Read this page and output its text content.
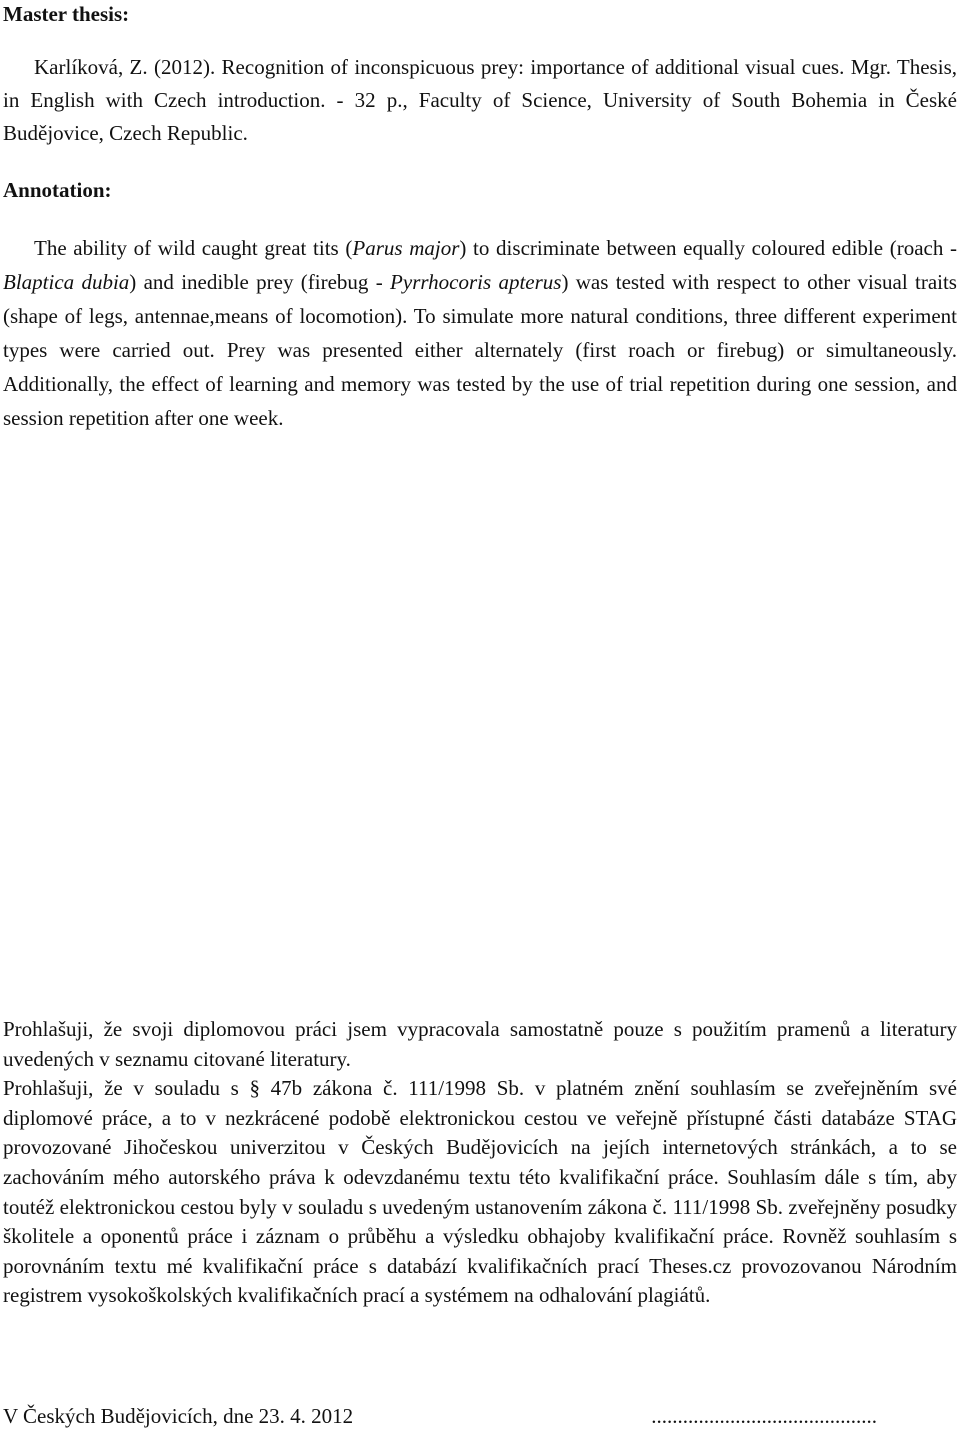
Master thesis:

Karlíková, Z. (2012). Recognition of inconspicuous prey: importance of additional visual cues. Mgr. Thesis, in English with Czech introduction. - 32 p., Faculty of Science, University of South Bohemia in České Budějovice, Czech Republic.

Annotation:

The ability of wild caught great tits (Parus major) to discriminate between equally coloured edible (roach - Blaptica dubia) and inedible prey (firebug - Pyrrhocoris apterus) was tested with respect to other visual traits (shape of legs, antennae,means of locomotion). To simulate more natural conditions, three different experiment types were carried out. Prey was presented either alternately (first roach or firebug) or simultaneously. Additionally, the effect of learning and memory was tested by the use of trial repetition during one session, and session repetition after one week.

Prohlašuji, že svoji diplomovou práci jsem vypracovala samostatně pouze s použitím pramenů a literatury uvedených v seznamu citované literatury.

Prohlašuji, že v souladu s § 47b zákona č. 111/1998 Sb. v platném znění souhlasím se zveřejněním své diplomové práce, a to v nezkrácené podobě elektronickou cestou ve veřejně přístupné části databáze STAG provozované Jihočeskou univerzitou v Českých Budějovicích na jejích internetových stránkách, a to se zachováním mého autorského práva k odevzdanému textu této kvalifikační práce. Souhlasím dále s tím, aby toutéž elektronickou cestou byly v souladu s uvedeným ustanovením zákona č. 111/1998 Sb. zveřejněny posudky školitele a oponentů práce i záznam o průběhu a výsledku obhajoby kvalifikační práce. Rovněž souhlasím s porovnáním textu mé kvalifikační práce s databází kvalifikačních prací Theses.cz provozovanou Národním registrem vysokoškolských kvalifikačních prací a systémem na odhalování plagiátů.

V Českých Budějovicích, dne 23. 4. 2012	...........................................
